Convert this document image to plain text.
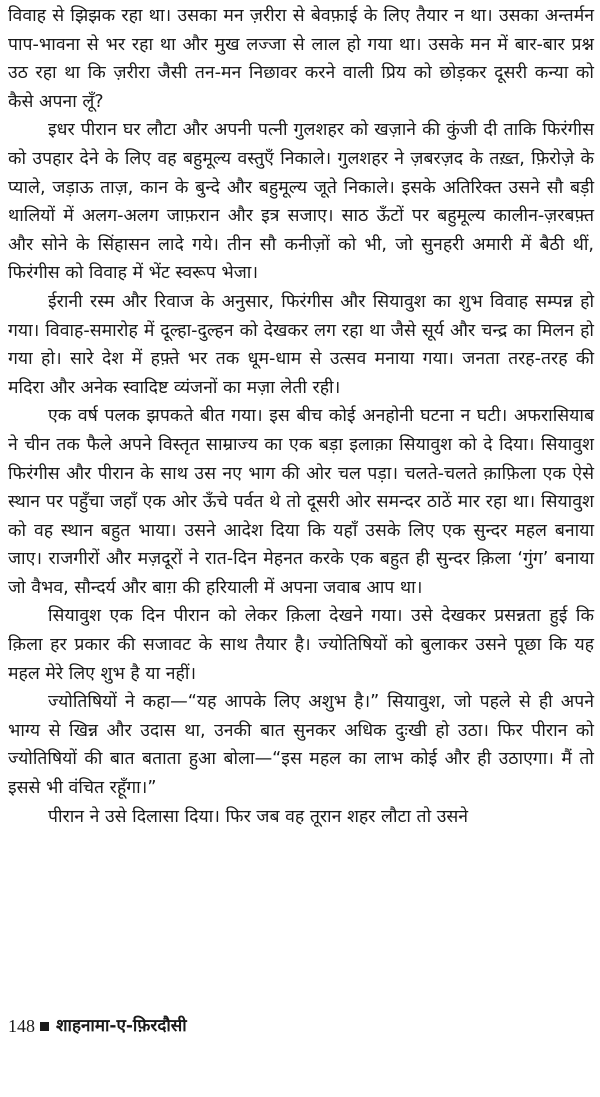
विवाह से झिझक रहा था। उसका मन ज़रीरा से बेवफ़ाई के लिए तैयार न था। उसका अन्तर्मन पाप-भावना से भर रहा था और मुख लज्जा से लाल हो गया था। उसके मन में बार-बार प्रश्न उठ रहा था कि ज़रीरा जैसी तन-मन निछावर करने वाली प्रिय को छोड़कर दूसरी कन्या को कैसे अपना लूँ?

इधर पीरान घर लौटा और अपनी पत्नी गुलशहर को खज़ाने की कुंजी दी ताकि फिरंगीस को उपहार देने के लिए वह बहुमूल्य वस्तुएँ निकाले। गुलशहर ने ज़बरज़द के तख़्त, फ़िरोज़े के प्याले, जड़ाऊ ताज़, कान के बुन्दे और बहुमूल्य जूते निकाले। इसके अतिरिक्त उसने सौ बड़ी थालियों में अलग-अलग जाफ़रान और इत्र सजाए। साठ ऊँटों पर बहुमूल्य कालीन-ज़रबफ़्त और सोने के सिंहासन लादे गये। तीन सौ कनीज़ों को भी, जो सुनहरी अमारी में बैठी थीं, फिरंगीस को विवाह में भेंट स्वरूप भेजा।

ईरानी रस्म और रिवाज के अनुसार, फिरंगीस और सियावुश का शुभ विवाह सम्पन्न हो गया। विवाह-समारोह में दूल्हा-दुल्हन को देखकर लग रहा था जैसे सूर्य और चन्द्र का मिलन हो गया हो। सारे देश में हफ़्ते भर तक धूम-धाम से उत्सव मनाया गया। जनता तरह-तरह की मदिरा और अनेक स्वादिष्ट व्यंजनों का मज़ा लेती रही।

एक वर्ष पलक झपकते बीत गया। इस बीच कोई अनहोनी घटना न घटी। अफरासियाब ने चीन तक फैले अपने विस्तृत साम्राज्य का एक बड़ा इलाक़ा सियावुश को दे दिया। सियावुश फिरंगीस और पीरान के साथ उस नए भाग की ओर चल पड़ा। चलते-चलते क़ाफ़िला एक ऐसे स्थान पर पहुँचा जहाँ एक ओर ऊँचे पर्वत थे तो दूसरी ओर समन्दर ठाठें मार रहा था। सियावुश को वह स्थान बहुत भाया। उसने आदेश दिया कि यहाँ उसके लिए एक सुन्दर महल बनाया जाए। राजगीरों और मज़दूरों ने रात-दिन मेहनत करके एक बहुत ही सुन्दर क़िला ‘गुंग’ बनाया जो वैभव, सौन्दर्य और बाग़ की हरियाली में अपना जवाब आप था।

सियावुश एक दिन पीरान को लेकर क़िला देखने गया। उसे देखकर प्रसन्नता हुई कि क़िला हर प्रकार की सजावट के साथ तैयार है। ज्योतिषियों को बुलाकर उसने पूछा कि यह महल मेरे लिए शुभ है या नहीं।

ज्योतिषियों ने कहा—“यह आपके लिए अशुभ है।” सियावुश, जो पहले से ही अपने भाग्य से खिन्न और उदास था, उनकी बात सुनकर अधिक दुःखी हो उठा। फिर पीरान को ज्योतिषियों की बात बताता हुआ बोला—“इस महल का लाभ कोई और ही उठाएगा। मैं तो इससे भी वंचित रहूँगा।”

पीरान ने उसे दिलासा दिया। फिर जब वह तूरान शहर लौटा तो उसने

148 शाहनामा-ए-फ़िरदौसी
